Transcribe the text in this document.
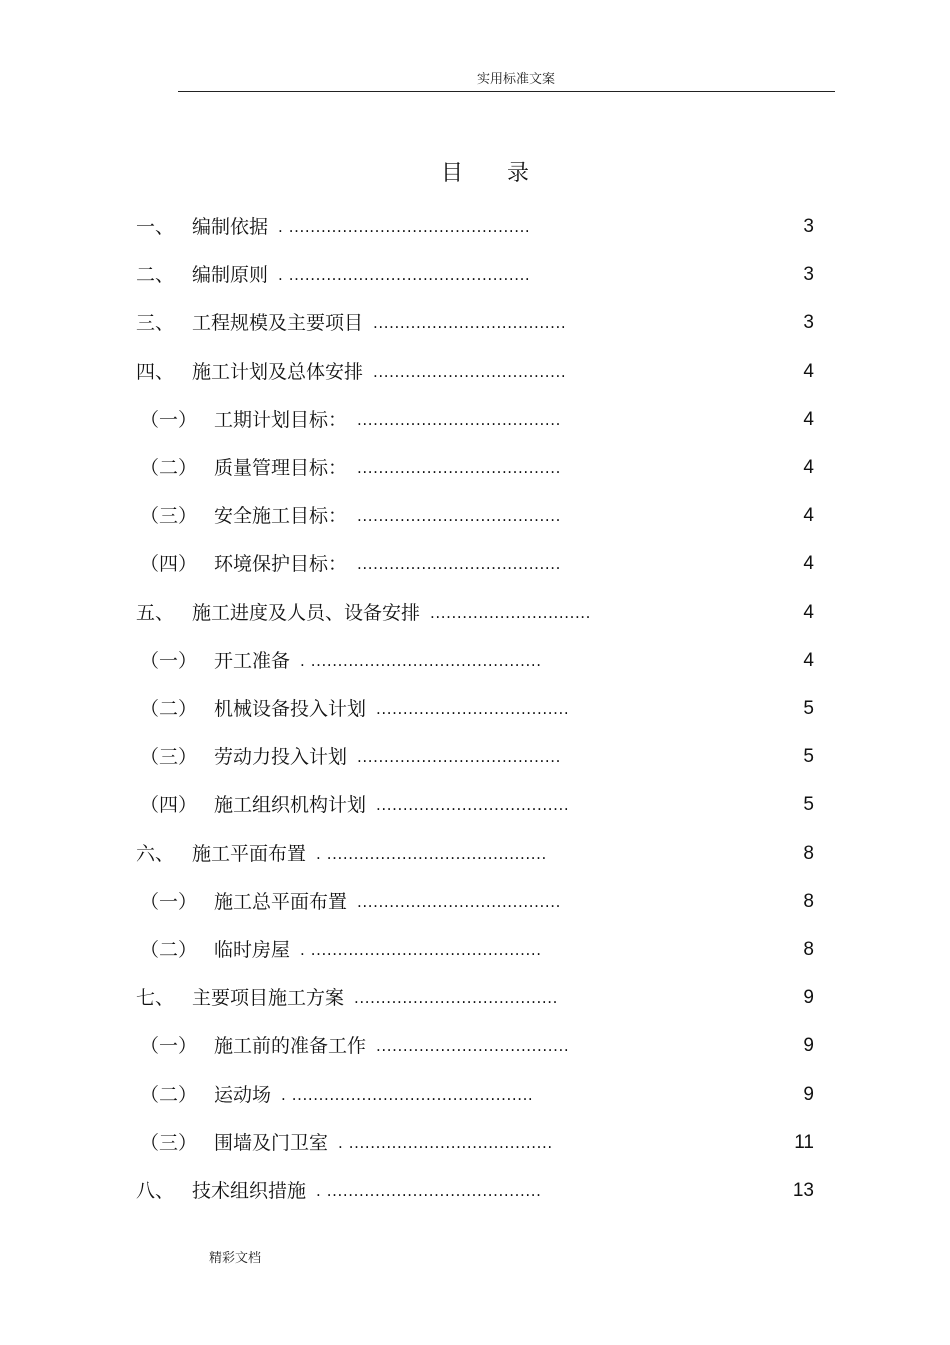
实用标准文案
目 录
一、 编制依据 . .............................................	3
二、 编制原则 . .............................................	3
三、 工程规模及主要项目 ....................................	3
四、 施工计划及总体安排 ....................................	4
（一） 工期计划目标： ......................................	4
（二） 质量管理目标： ......................................	4
（三） 安全施工目标： ......................................	4
（四） 环境保护目标： ......................................	4
五、 施工进度及人员、设备安排 ..............................	4
（一） 开工准备 . ...........................................	4
（二） 机械设备投入计划 ....................................	5
（三） 劳动力投入计划 ......................................	5
（四） 施工组织机构计划 ....................................	5
六、 施工平面布置 . .........................................	8
（一） 施工总平面布置 ......................................	8
（二） 临时房屋 . ...........................................	8
七、 主要项目施工方案 ......................................	9
（一） 施工前的准备工作 ....................................	9
（二） 运动场 . .............................................	9
（三） 围墙及门卫室 . ......................................	11
八、 技术组织措施 . ........................................	13
精彩文档
